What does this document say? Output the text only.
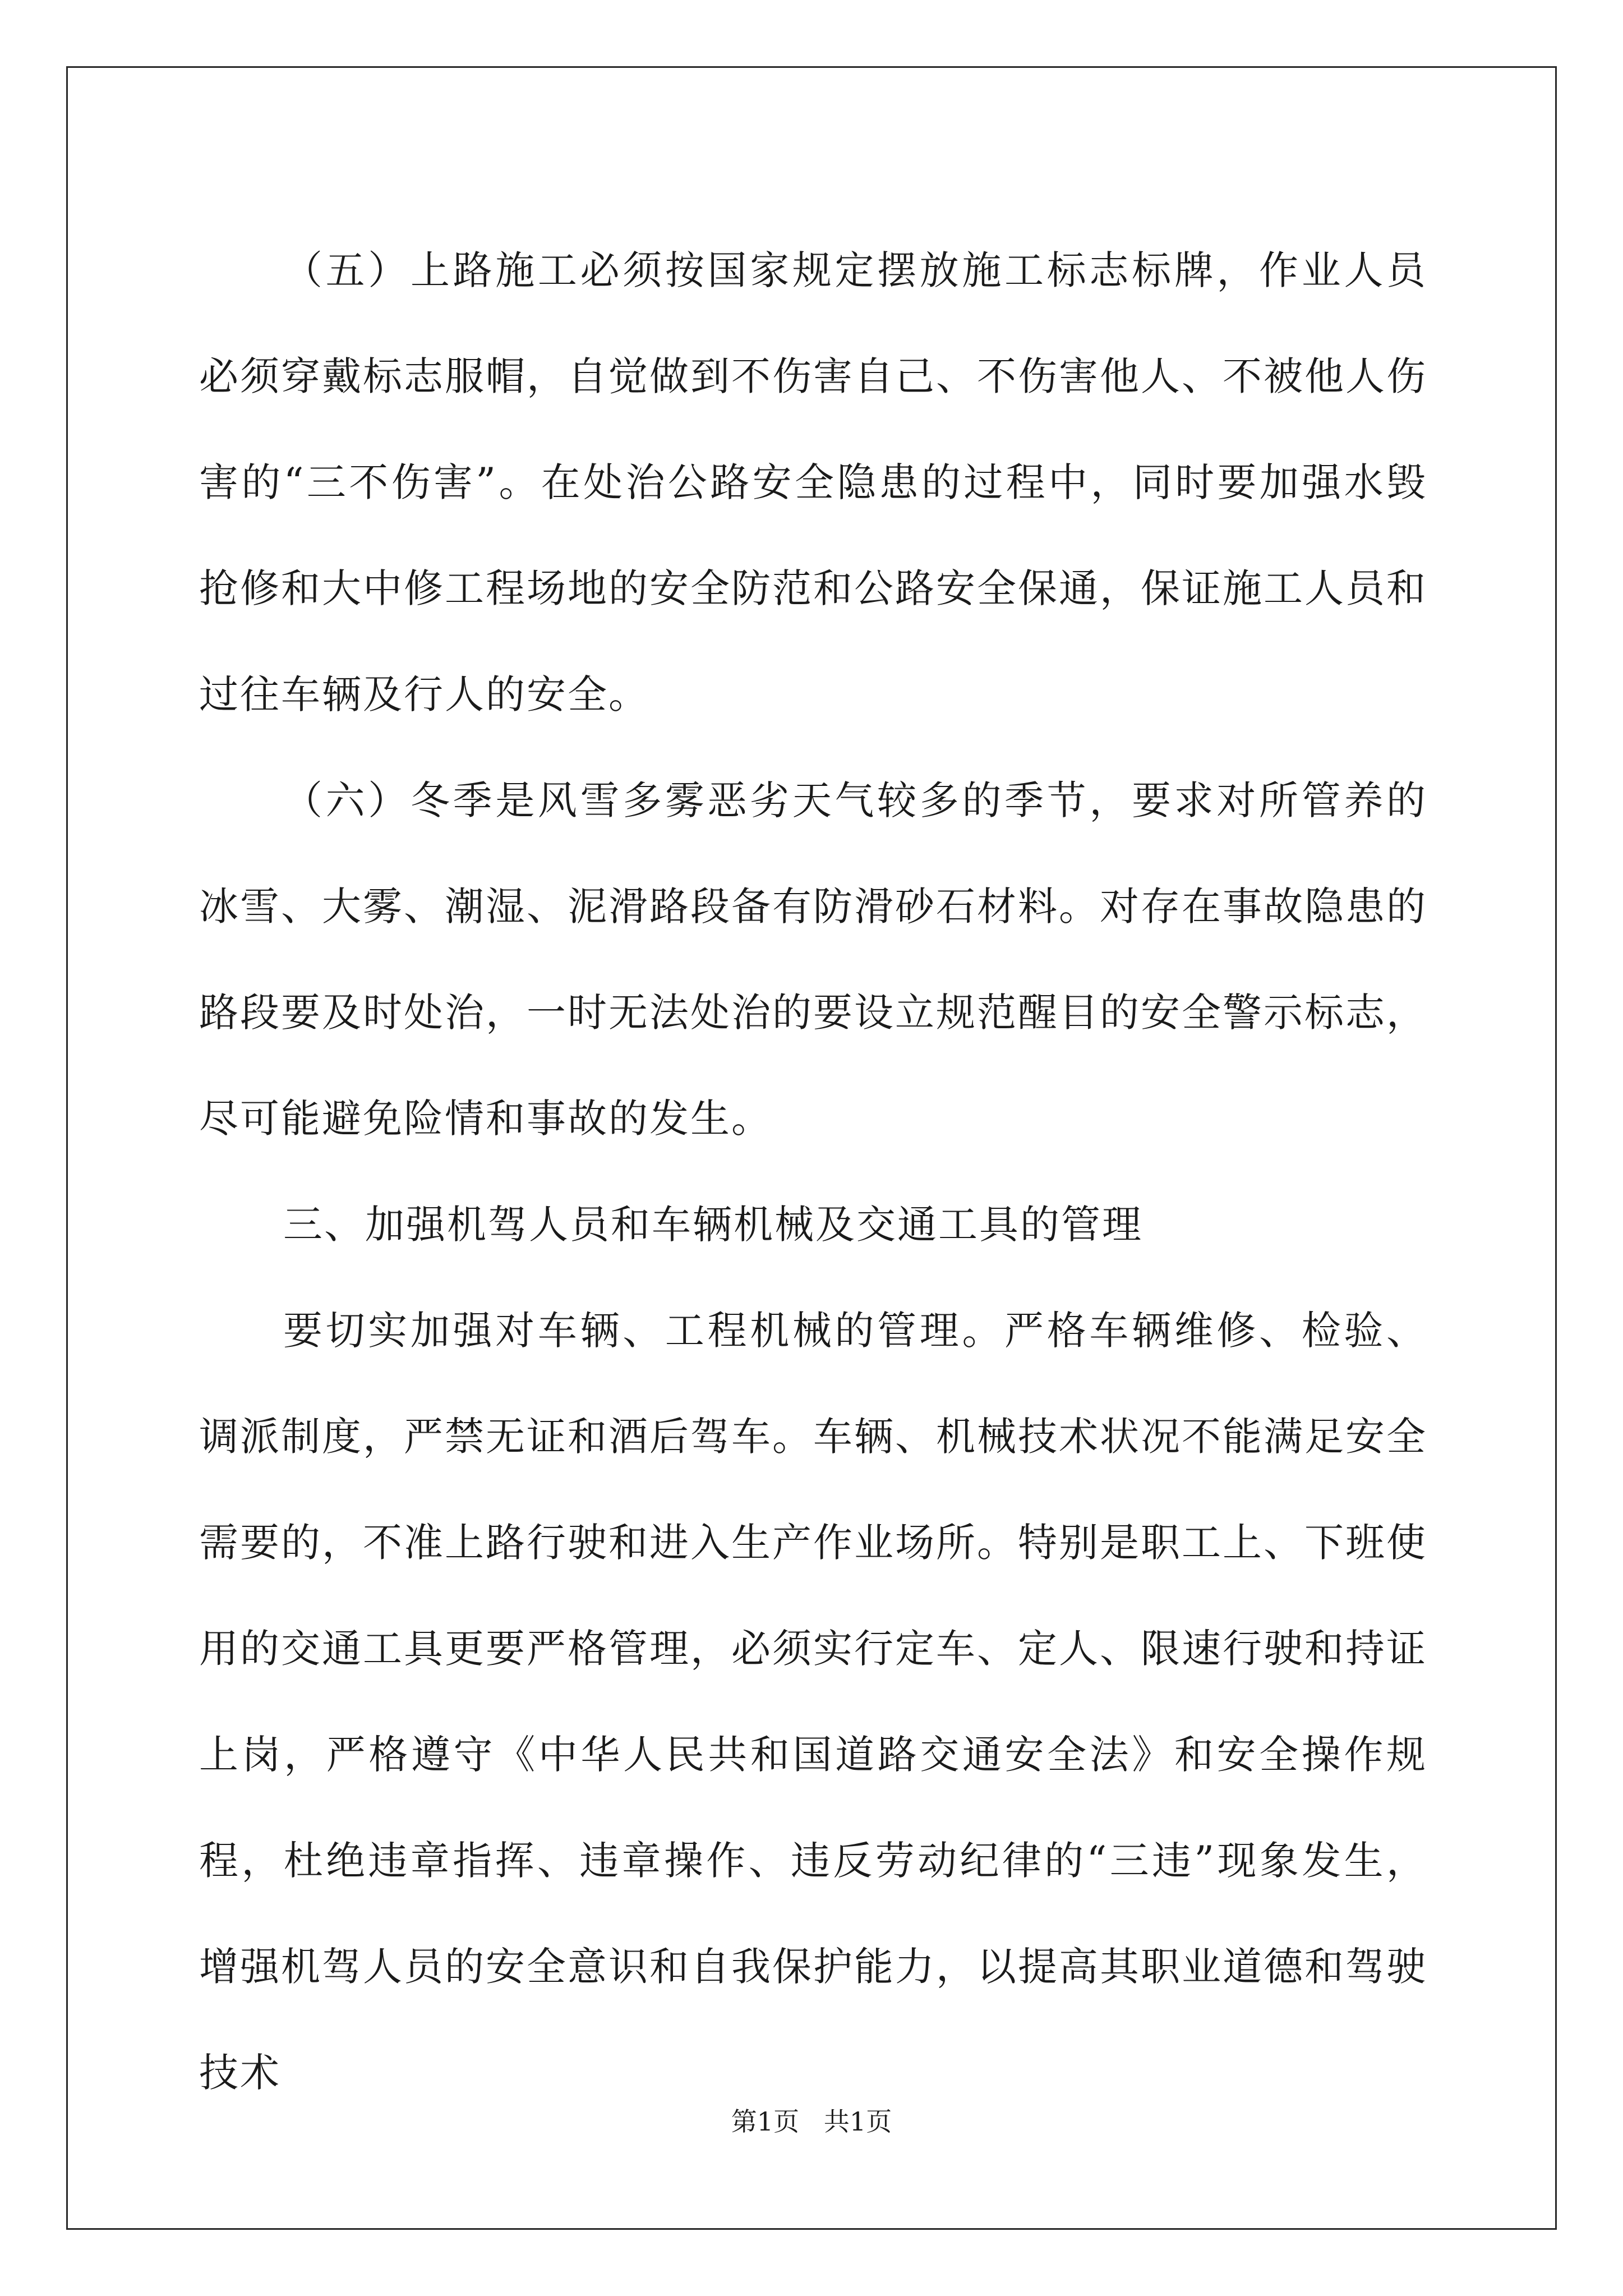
（五）上路施工必须按国家规定摆放施工标志标牌，作业人员必须穿戴标志服帽，自觉做到不伤害自己、不伤害他人、不被他人伤害的“三不伤害”。在处治公路安全隐患的过程中，同时要加强水毁抢修和大中修工程场地的安全防范和公路安全保通，保证施工人员和过往车辆及行人的安全。

（六）冬季是风雪多雾恶劣天气较多的季节，要求对所管养的冰雪、大雾、潮湿、泥滑路段备有防滑砂石材料。对存在事故隐患的路段要及时处治，一时无法处治的要设立规范醒目的安全警示标志，尽可能避免险情和事故的发生。

三、加强机驾人员和车辆机械及交通工具的管理

要切实加强对车辆、工程机械的管理。严格车辆维修、检验、调派制度，严禁无证和酒后驾车。车辆、机械技术状况不能满足安全需要的，不准上路行驶和进入生产作业场所。特别是职工上、下班使用的交通工具更要严格管理，必须实行定车、定人、限速行驶和持证上岗，严格遵守《中华人民共和国道路交通安全法》和安全操作规程，杜绝违章指挥、违章操作、违反劳动纪律的“三违”现象发生，增强机驾人员的安全意识和自我保护能力，以提高其职业道德和驾驶技术

第1页   共1页
